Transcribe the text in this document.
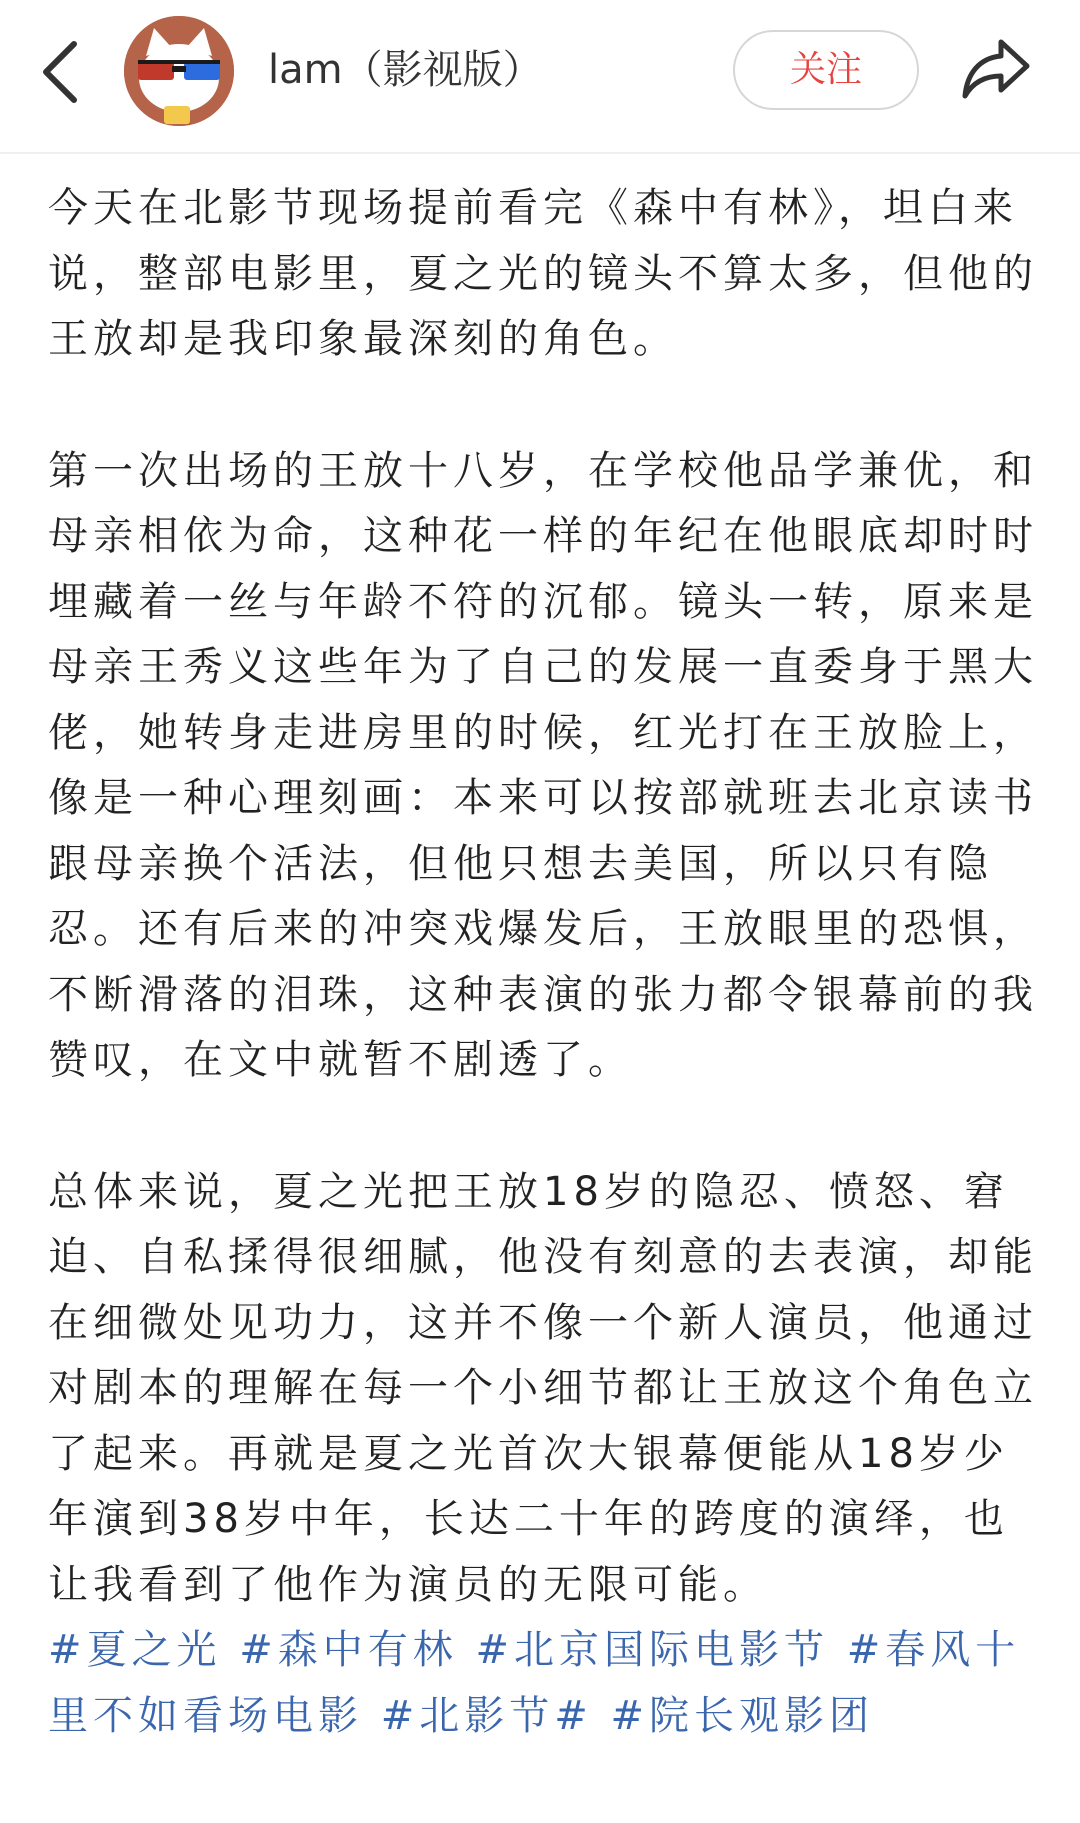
lam（影视版）	关注

今天在北影节现场提前看完《森中有林》，坦白来说，整部电影里，夏之光的镜头不算太多，但他的王放却是我印象最深刻的角色。

第一次出场的王放十八岁，在学校他品学兼优，和母亲相依为命，这种花一样的年纪在他眼底却时时埋藏着一丝与年龄不符的沉郁。镜头一转，原来是母亲王秀义这些年为了自己的发展一直委身于黑大佬，她转身走进房里的时候，红光打在王放脸上，像是一种心理刻画：本来可以按部就班去北京读书跟母亲换个活法，但他只想去美国，所以只有隐忍。还有后来的冲突戏爆发后，王放眼里的恐惧，不断滑落的泪珠，这种表演的张力都令银幕前的我赞叹，在文中就暂不剧透了。

总体来说，夏之光把王放18岁的隐忍、愤怒、窘迫、自私揉得很细腻，他没有刻意的去表演，却能在细微处见功力，这并不像一个新人演员，他通过对剧本的理解在每一个小细节都让王放这个角色立了起来。再就是夏之光首次大银幕便能从18岁少年演到38岁中年，长达二十年的跨度的演绎，也让我看到了他作为演员的无限可能。

#夏之光 #森中有林 #北京国际电影节 #春风十里不如看场电影 #北影节# #院长观影团
